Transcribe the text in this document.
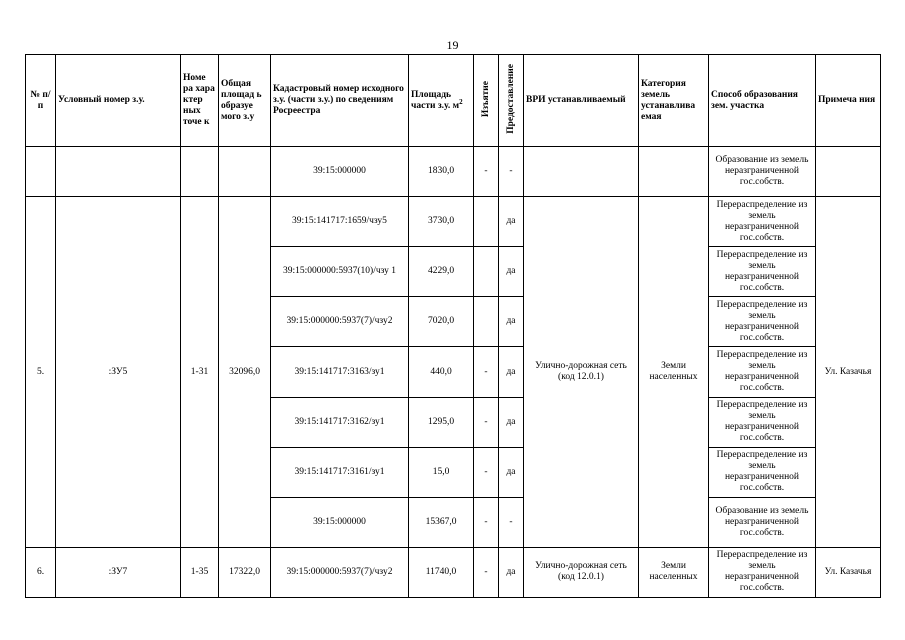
19
№ п/п	Условный номер з.у.	Номе ра хара ктер ных точе к	Общая площад ь образуе мого з.у	Кадастровый номер исходного з.у. (части з.у.) по сведениям Росреестра	Площадь части з.у. $м^2$	Изъятие	Предоставление	ВРИ устанавливаемый	Категория земель устанавлива емая	Способ образования зем. участка	Примеча ния
				39:15:000000	1830,0	-	-			Образование из земель неразграниченной гос.собств.	
5.	:ЗУ5	1-31	32096,0	39:15:141717:1659/чзу5	3730,0		да	Улично-дорожная сеть (код 12.0.1)	Земли населенных	Перераспределение из земель неразграниченной гос.собств.	Ул. Казачья
				39:15:000000:5937(10)/чзу 1	4229,0		да			Перераспределение из земель неразграниченной гос.собств.	
				39:15:000000:5937(7)/чзу2	7020,0		да			Перераспределение из земель неразграниченной гос.собств.	
				39:15:141717:3163/зу1	440,0	-	да			Перераспределение из земель неразграниченной гос.собств.	
				39:15:141717:3162/зу1	1295,0	-	да			Перераспределение из земель неразграниченной гос.собств.	
				39:15:141717:3161/зу1	15,0	-	да			Перераспределение из земель неразграниченной гос.собств.	
				39:15:000000	15367,0	-	-			Образование из земель неразграниченной гос.собств.	
6.	:ЗУ7	1-35	17322,0	39:15:000000:5937(7)/чзу2	11740,0	-	да	Улично-дорожная сеть (код 12.0.1)	Земли населенных	Перераспределение из земель неразграниченной гос.собств.	Ул. Казачья
